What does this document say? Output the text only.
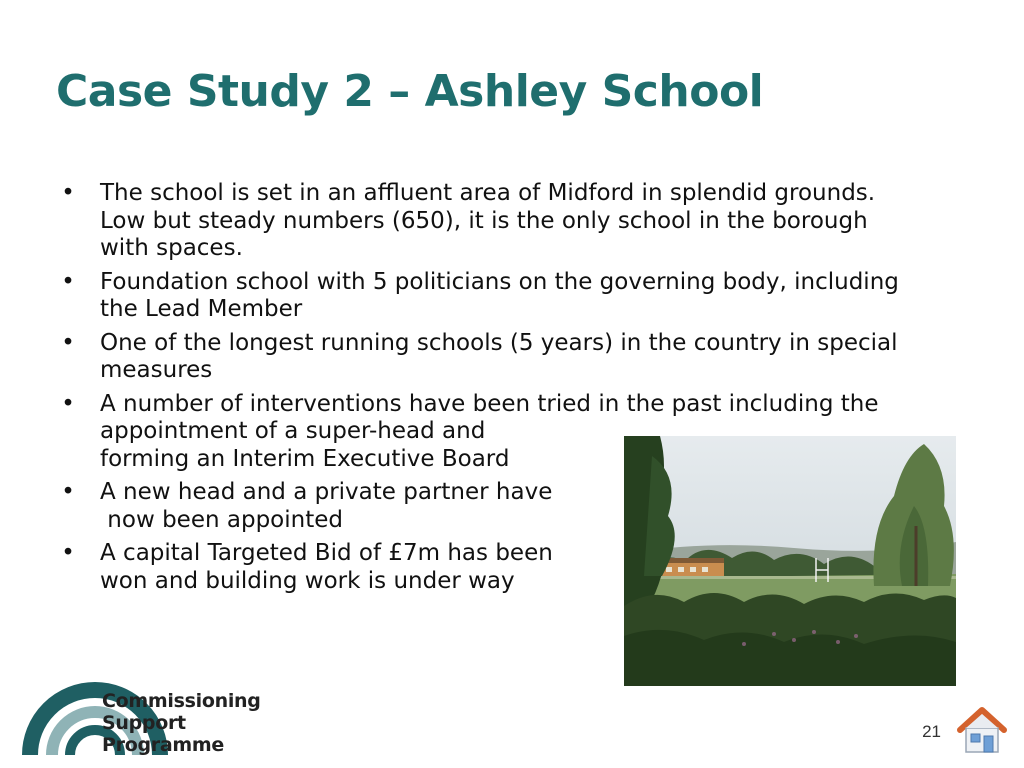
Case Study 2 – Ashley School
• The school is set in an affluent area of Midford in splendid grounds.
Low but steady numbers (650), it is the only school in the borough
with spaces.
• Foundation school with 5 politicians on the governing body, including
the Lead Member
• One of the longest running schools (5 years) in the country in special
measures
• A number of interventions have been tried in the past including the
appointment of a super-head and
forming an Interim Executive Board
• A new head and a private partner have
now been appointed
• A capital Targeted Bid of £7m has been
won and building work is under way
Commissioning
Support
Programme
21
